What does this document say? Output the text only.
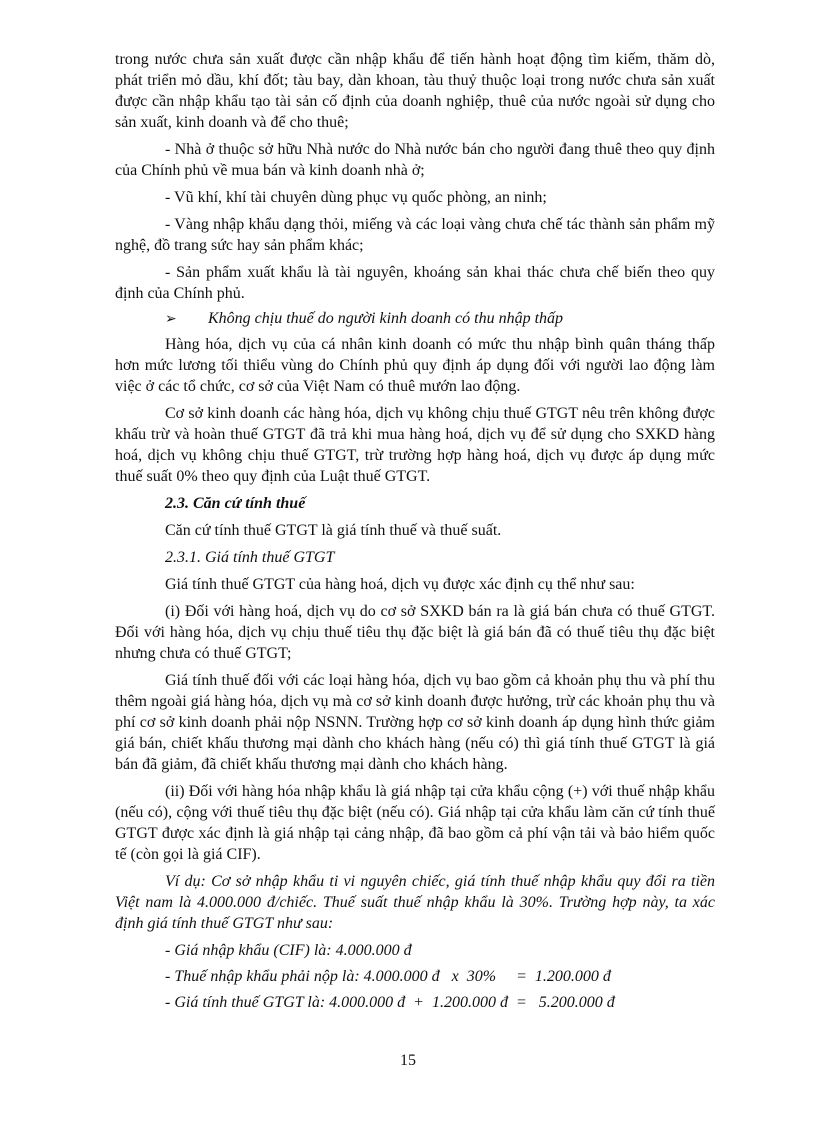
trong nước chưa sản xuất được cần nhập khẩu để tiến hành hoạt động tìm kiếm, thăm dò, phát triển mỏ dầu, khí đốt; tàu bay, dàn khoan, tàu thuỷ thuộc loại trong nước chưa sản xuất được cần nhập khẩu tạo tài sản cố định của doanh nghiệp, thuê của nước ngoài sử dụng cho sản xuất, kinh doanh và để cho thuê;

- Nhà ở thuộc sở hữu Nhà nước do Nhà nước bán cho người đang thuê theo quy định của Chính phủ về mua bán và kinh doanh nhà ở;

- Vũ khí, khí tài chuyên dùng phục vụ quốc phòng, an ninh;

- Vàng nhập khẩu dạng thỏi, miếng và các loại vàng chưa chế tác thành sản phẩm mỹ nghệ, đồ trang sức hay sản phẩm khác;

- Sản phẩm xuất khẩu là tài nguyên, khoáng sản khai thác chưa chế biến theo quy định của Chính phủ.

➢	Không chịu thuế do người kinh doanh có thu nhập thấp

Hàng hóa, dịch vụ của cá nhân kinh doanh có mức thu nhập bình quân tháng thấp hơn mức lương tối thiểu vùng do Chính phủ quy định áp dụng đối với người lao động làm việc ở các tổ chức, cơ sở của Việt Nam có thuê mướn lao động.

Cơ sở kinh doanh các hàng hóa, dịch vụ không chịu thuế GTGT nêu trên không được khấu trừ và hoàn thuế GTGT đã trả khi mua hàng hoá, dịch vụ để sử dụng cho SXKD hàng hoá, dịch vụ không chịu thuế GTGT, trừ trường hợp hàng hoá, dịch vụ được áp dụng mức thuế suất 0% theo quy định của Luật thuế GTGT.

2.3. Căn cứ tính thuế

Căn cứ tính thuế GTGT là giá tính thuế và thuế suất.

2.3.1. Giá tính thuế GTGT

Giá tính thuế GTGT của hàng hoá, dịch vụ được xác định cụ thể như sau:

(i) Đối với hàng hoá, dịch vụ do cơ sở SXKD bán ra là giá bán chưa có thuế GTGT. Đối với hàng hóa, dịch vụ chịu thuế tiêu thụ đặc biệt là giá bán đã có thuế tiêu thụ đặc biệt nhưng chưa có thuế GTGT;

Giá tính thuế đối với các loại hàng hóa, dịch vụ bao gồm cả khoản phụ thu và phí thu thêm ngoài giá hàng hóa, dịch vụ mà cơ sở kinh doanh được hưởng, trừ các khoản phụ thu và phí cơ sở kinh doanh phải nộp NSNN. Trường hợp cơ sở kinh doanh áp dụng hình thức giảm giá bán, chiết khấu thương mại dành cho khách hàng (nếu có) thì giá tính thuế GTGT là giá bán đã giảm, đã chiết khấu thương mại dành cho khách hàng.

(ii) Đối với hàng hóa nhập khẩu là giá nhập tại cửa khẩu cộng (+) với thuế nhập khẩu (nếu có), cộng với thuế tiêu thụ đặc biệt (nếu có). Giá nhập tại cửa khẩu làm căn cứ tính thuế GTGT được xác định là giá nhập tại cảng nhập, đã bao gồm cả phí vận tải và bảo hiểm quốc tế (còn gọi là giá CIF).

Ví dụ: Cơ sở nhập khẩu ti vi nguyên chiếc, giá tính thuế nhập khẩu quy đổi ra tiền Việt nam là 4.000.000 đ/chiếc. Thuế suất thuế nhập khẩu là 30%. Trường hợp này, ta xác định giá tính thuế GTGT như sau:

- Giá nhập khẩu (CIF) là: 4.000.000 đ

- Thuế nhập khẩu phải nộp là: 4.000.000 đ   x  30%     =  1.200.000 đ

- Giá tính thuế GTGT là: 4.000.000 đ  +  1.200.000 đ  =   5.200.000 đ

15
